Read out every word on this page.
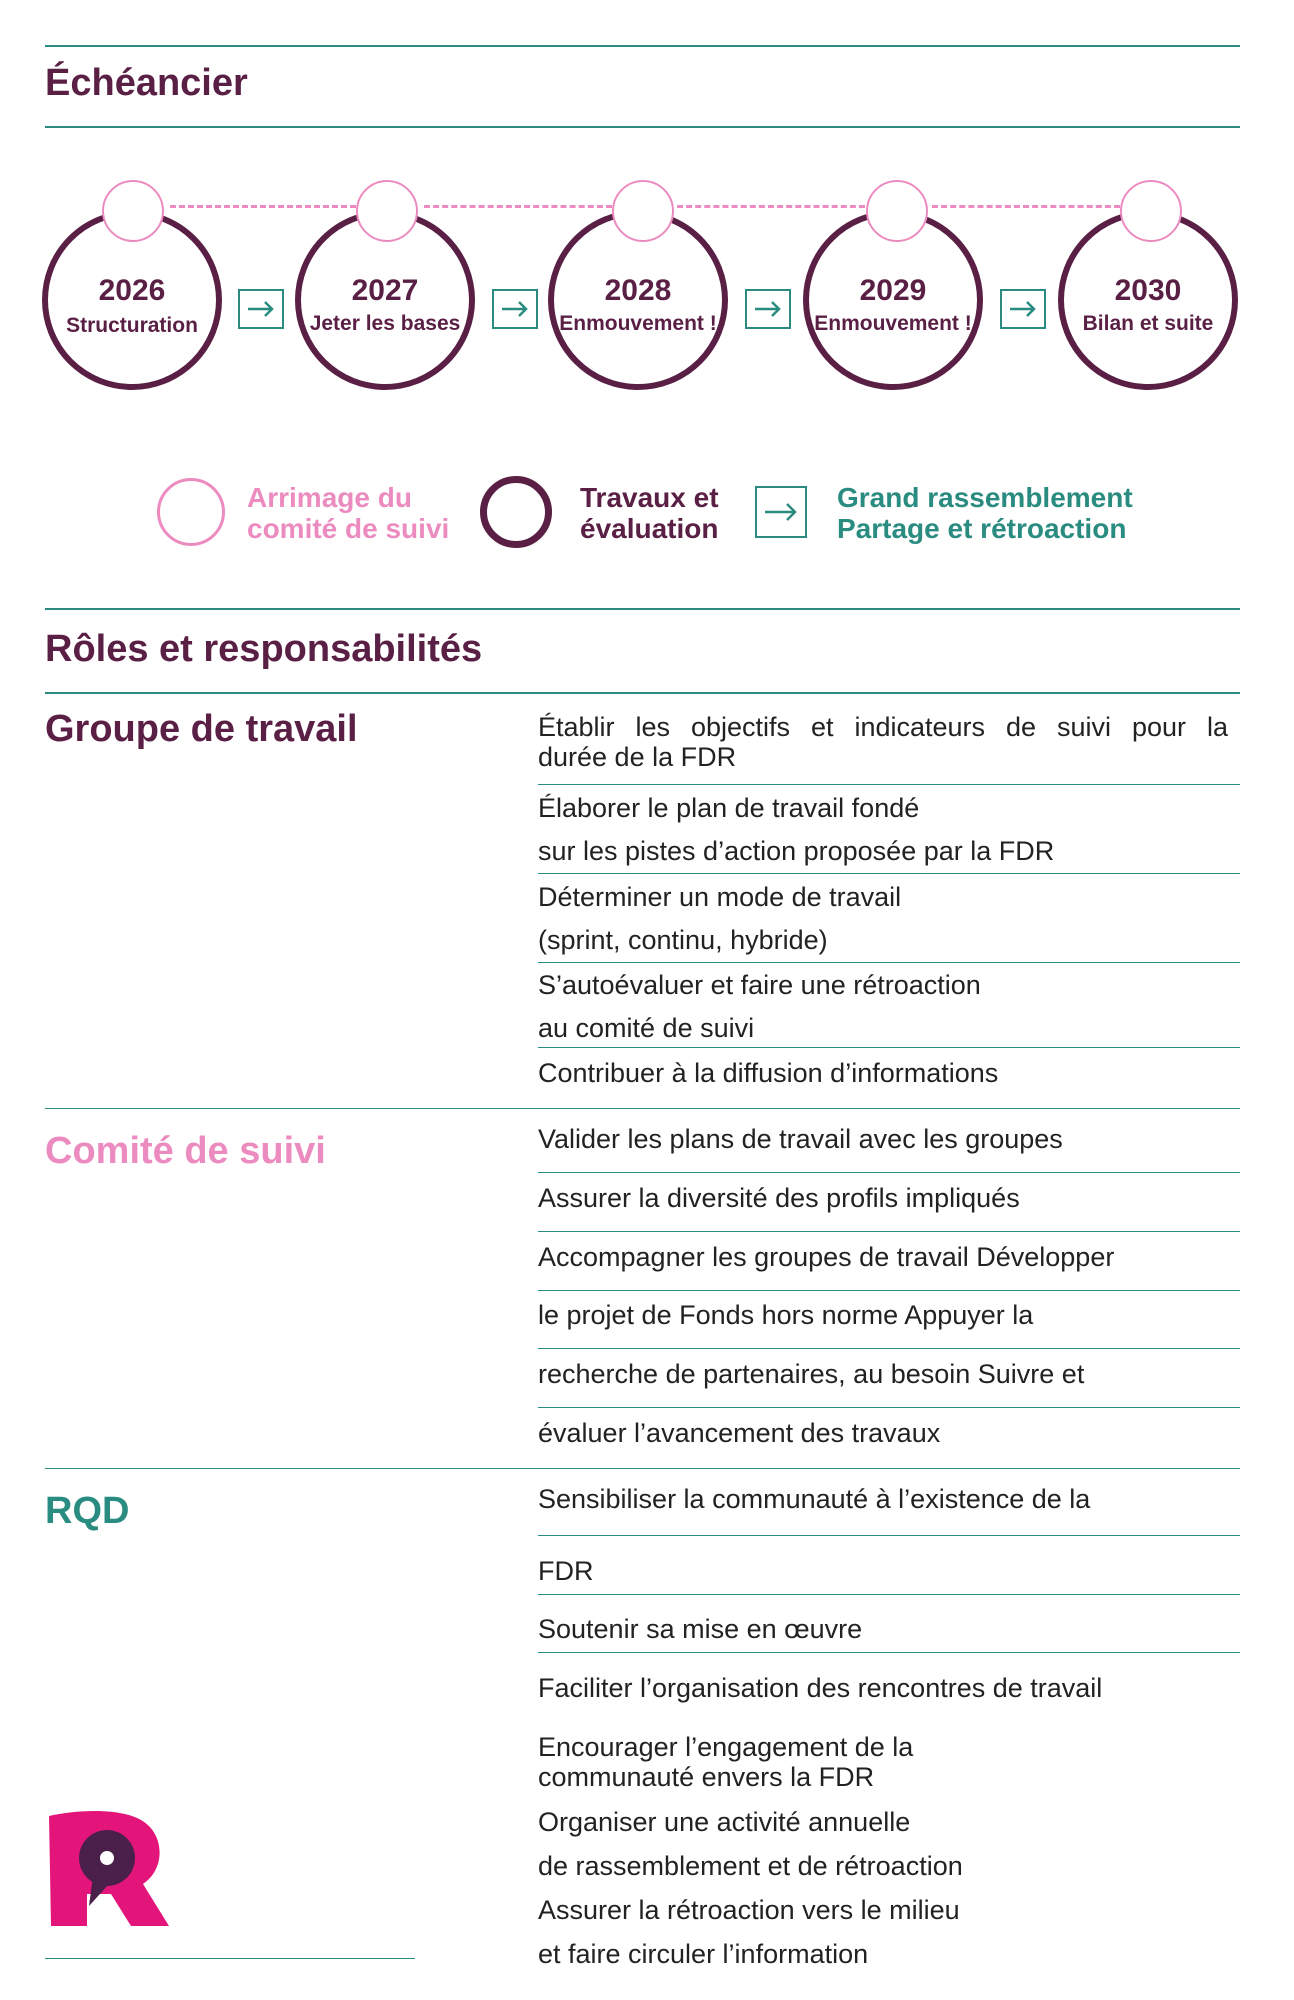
Échéancier
2026
Structuration
2027
Jeter les bases
2028
Enmouvement !
2029
Enmouvement !
2030
Bilan et suite
Arrimage du
comité de suivi
Travaux et
évaluation
Grand rassemblement
Partage et rétroaction
Rôles et responsabilités
Groupe de travail	Établir les objectifs et indicateurs de suivi pour la
durée de la FDR
Élaborer le plan de travail fondé
sur les pistes d’action proposée par la FDR
Déterminer un mode de travail
(sprint, continu, hybride)
S’autoévaluer et faire une rétroaction
au comité de suivi
Contribuer à la diffusion d’informations
Comité de suivi	Valider les plans de travail avec les groupes
Assurer la diversité des profils impliqués
Accompagner les groupes de travail Développer
le projet de Fonds hors norme Appuyer la
recherche de partenaires, au besoin Suivre et
évaluer l’avancement des travaux
RQD	Sensibiliser la communauté à l’existence de la
FDR
Soutenir sa mise en œuvre
Faciliter l’organisation des rencontres de travail
Encourager l’engagement de la
communauté envers la FDR
Organiser une activité annuelle
de rassemblement et de rétroaction
Assurer la rétroaction vers le milieu
et faire circuler l’information
